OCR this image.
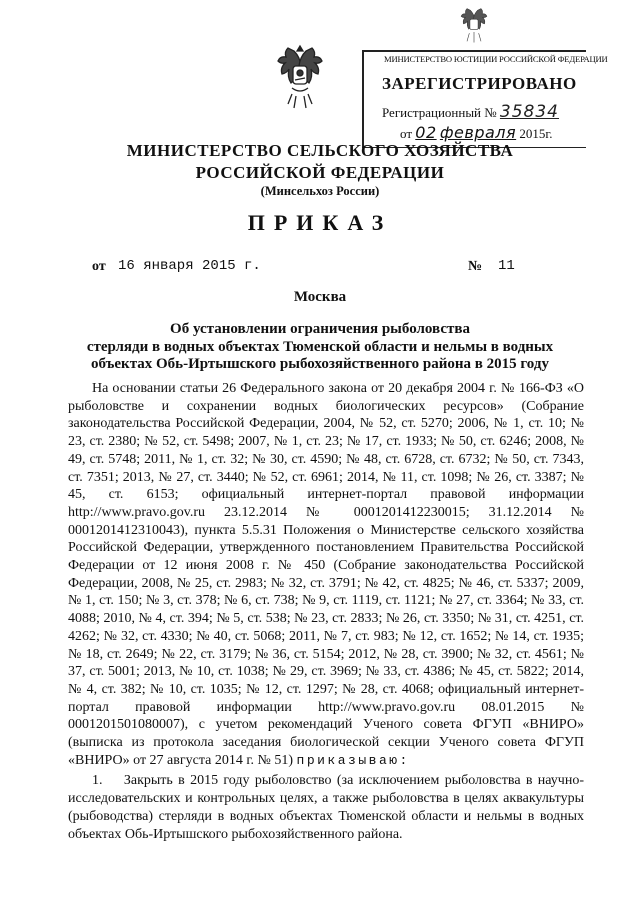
МИНИСТЕРСТВО ЮСТИЦИИ РОССИЙСКОЙ ФЕДЕРАЦИИ
ЗАРЕГИСТРИРОВАНО
Регистрационный № 35834
от 02 февраля 2015г.
МИНИСТЕРСТВО СЕЛЬСКОГО ХОЗЯЙСТВА
РОССИЙСКОЙ ФЕДЕРАЦИИ
(Минсельхоз России)
ПРИКАЗ
от 16 января 2015 г.	№ 11
Москва
Об установлении ограничения рыболовства
стерляди в водных объектах Тюменской области и нельмы в водных
объектах Обь-Иртышского рыбохозяйственного района в 2015 году

На основании статьи 26 Федерального закона от 20 декабря 2004 г. № 166-ФЗ «О рыболовстве и сохранении водных биологических ресурсов» (Собрание законодательства Российской Федерации, 2004, № 52, ст. 5270; 2006, № 1, ст. 10; № 23, ст. 2380; № 52, ст. 5498; 2007, № 1, ст. 23; № 17, ст. 1933; № 50, ст. 6246; 2008, № 49, ст. 5748; 2011, № 1, ст. 32; № 30, ст. 4590; № 48, ст. 6728, ст. 6732; № 50, ст. 7343, ст. 7351; 2013, № 27, ст. 3440; № 52, ст. 6961; 2014, № 11, ст. 1098; № 26, ст. 3387; № 45, ст. 6153; официальный интернет-портал правовой информации http://www.pravo.gov.ru 23.12.2014 № 0001201412230015; 31.12.2014 № 0001201412310043), пункта 5.5.31 Положения о Министерстве сельского хозяйства Российской Федерации, утвержденного постановлением Правительства Российской Федерации от 12 июня 2008 г. № 450 (Собрание законодательства Российской Федерации, 2008, № 25, ст. 2983; № 32, ст. 3791; № 42, ст. 4825; № 46, ст. 5337; 2009, № 1, ст. 150; № 3, ст. 378; № 6, ст. 738; № 9, ст. 1119, ст. 1121; № 27, ст. 3364; № 33, ст. 4088; 2010, № 4, ст. 394; № 5, ст. 538; № 23, ст. 2833; № 26, ст. 3350; № 31, ст. 4251, ст. 4262; № 32, ст. 4330; № 40, ст. 5068; 2011, № 7, ст. 983; № 12, ст. 1652; № 14, ст. 1935; № 18, ст. 2649; № 22, ст. 3179; № 36, ст. 5154; 2012, № 28, ст. 3900; № 32, ст. 4561; № 37, ст. 5001; 2013, № 10, ст. 1038; № 29, ст. 3969; № 33, ст. 4386; № 45, ст. 5822; 2014, № 4, ст. 382; № 10, ст. 1035; № 12, ст. 1297; № 28, ст. 4068; официальный интернет-портал правовой информации http://www.pravo.gov.ru 08.01.2015 № 0001201501080007), с учетом рекомендаций Ученого совета ФГУП «ВНИРО» (выписка из протокола заседания биологической секции Ученого совета ФГУП «ВНИРО» от 27 августа 2014 г. № 51) приказываю:

1. Закрыть в 2015 году рыболовство (за исключением рыболовства в научно-исследовательских и контрольных целях, а также рыболовства в целях аквакультуры (рыбоводства) стерляди в водных объектах Тюменской области и нельмы в водных объектах Обь-Иртышского рыбохозяйственного района.
